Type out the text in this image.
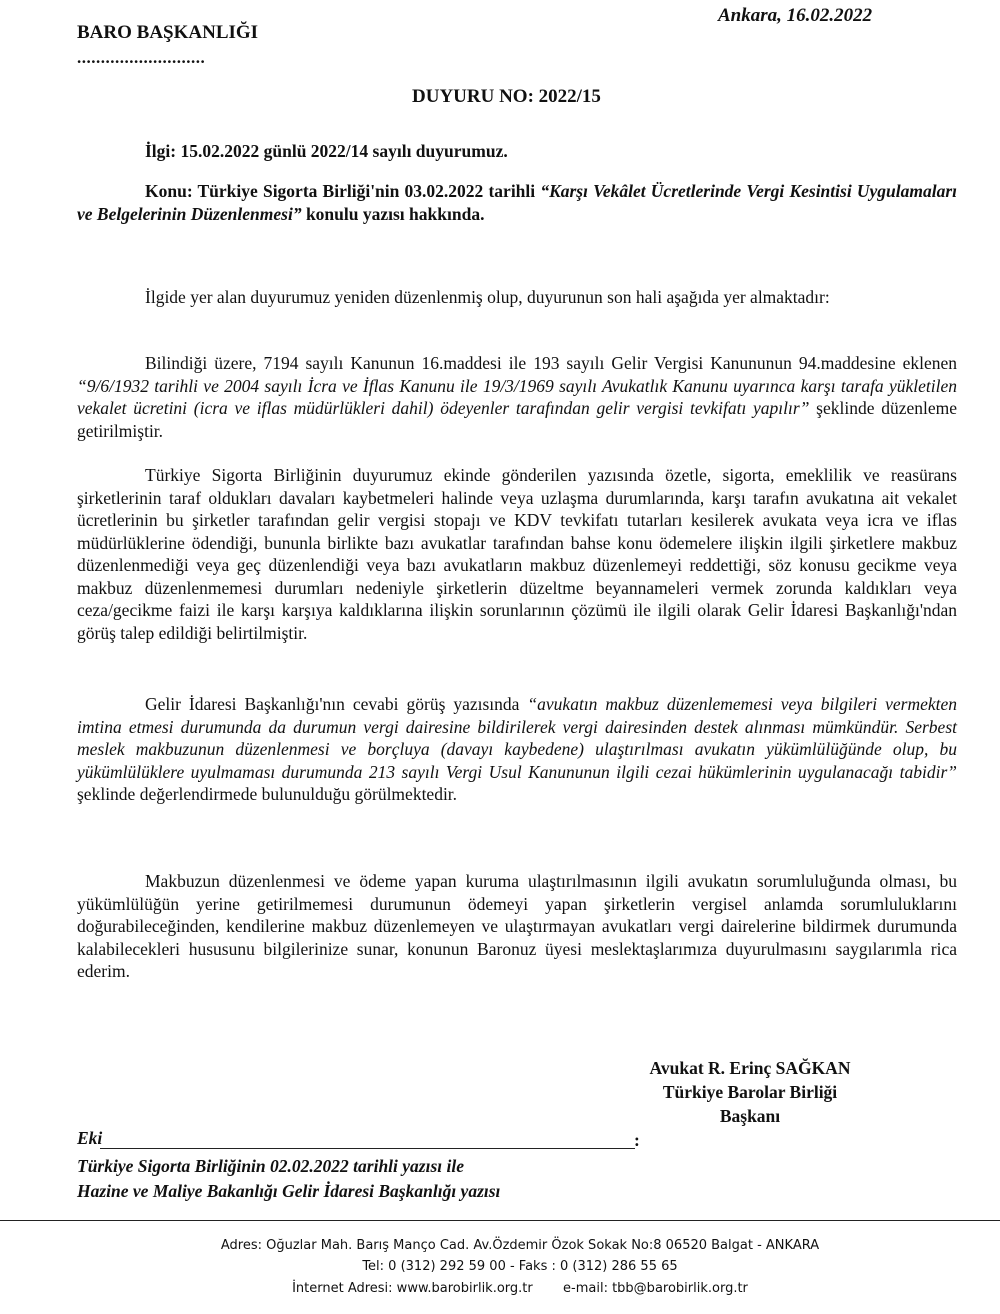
BARO BAŞKANLIĞI
...........................
Ankara, 16.02.2022
DUYURU NO: 2022/15
İlgi: 15.02.2022 günlü 2022/14 sayılı duyurumuz.

Konu: Türkiye Sigorta Birliği'nin 03.02.2022 tarihli “Karşı Vekâlet Ücretlerinde Vergi Kesintisi Uygulamaları ve Belgelerinin Düzenlenmesi” konulu yazısı hakkında.

İlgide yer alan duyurumuz yeniden düzenlenmiş olup, duyurunun son hali aşağıda yer almaktadır:

Bilindiği üzere, 7194 sayılı Kanunun 16.maddesi ile 193 sayılı Gelir Vergisi Kanununun 94.maddesine eklenen “9/6/1932 tarihli ve 2004 sayılı İcra ve İflas Kanunu ile 19/3/1969 sayılı Avukatlık Kanunu uyarınca karşı tarafa yükletilen vekalet ücretini (icra ve iflas müdürlükleri dahil) ödeyenler tarafından gelir vergisi tevkifatı yapılır” şeklinde düzenleme getirilmiştir.

Türkiye Sigorta Birliğinin duyurumuz ekinde gönderilen yazısında özetle, sigorta, emeklilik ve reasürans şirketlerinin taraf oldukları davaları kaybetmeleri halinde veya uzlaşma durumlarında, karşı tarafın avukatına ait vekalet ücretlerinin bu şirketler tarafından gelir vergisi stopajı ve KDV tevkifatı tutarları kesilerek avukata veya icra ve iflas müdürlüklerine ödendiği, bununla birlikte bazı avukatlar tarafından bahse konu ödemelere ilişkin ilgili şirketlere makbuz düzenlenmediği veya geç düzenlendiği veya bazı avukatların makbuz düzenlemeyi reddettiği, söz konusu gecikme veya makbuz düzenlenmemesi durumları nedeniyle şirketlerin düzeltme beyannameleri vermek zorunda kaldıkları veya ceza/gecikme faizi ile karşı karşıya kaldıklarına ilişkin sorunlarının çözümü ile ilgili olarak Gelir İdaresi Başkanlığı'ndan görüş talep edildiği belirtilmiştir.

Gelir İdaresi Başkanlığı'nın cevabi görüş yazısında “avukatın makbuz düzenlememesi veya bilgileri vermekten imtina etmesi durumunda da durumun vergi dairesine bildirilerek vergi dairesinden destek alınması mümkündür. Serbest meslek makbuzunun düzenlenmesi ve borçluya (davayı kaybedene) ulaştırılması avukatın yükümlülüğünde olup, bu yükümlülüklere uyulmaması durumunda 213 sayılı Vergi Usul Kanununun ilgili cezai hükümlerinin uygulanacağı tabidir” şeklinde değerlendirmede bulunulduğu görülmektedir.

Makbuzun düzenlenmesi ve ödeme yapan kuruma ulaştırılmasının ilgili avukatın sorumluluğunda olması, bu yükümlülüğün yerine getirilmemesi durumunun ödemeyi yapan şirketlerin vergisel anlamda sorumluluklarını doğurabileceğinden, kendilerine makbuz düzenlemeyen ve ulaştırmayan avukatları vergi dairelerine bildirmek durumunda kalabilecekleri hususunu bilgilerinize sunar, konunun Baronuz üyesi meslektaşlarımıza duyurulmasını saygılarımla rica ederim.

Avukat R. Erinç SAĞKAN
Türkiye Barolar Birliği
Başkanı
Eki	:
Türkiye Sigorta Birliğinin 02.02.2022 tarihli yazısı ile
Hazine ve Maliye Bakanlığı Gelir İdaresi Başkanlığı yazısı
Adres: Oğuzlar Mah. Barış Manço Cad. Av.Özdemir Özok Sokak No:8 06520 Balgat - ANKARA
Tel: 0 (312) 292 59 00 - Faks : 0 (312) 286 55 65
İnternet Adresi: www.barobirlik.org.tr e-mail: tbb@barobirlik.org.tr
